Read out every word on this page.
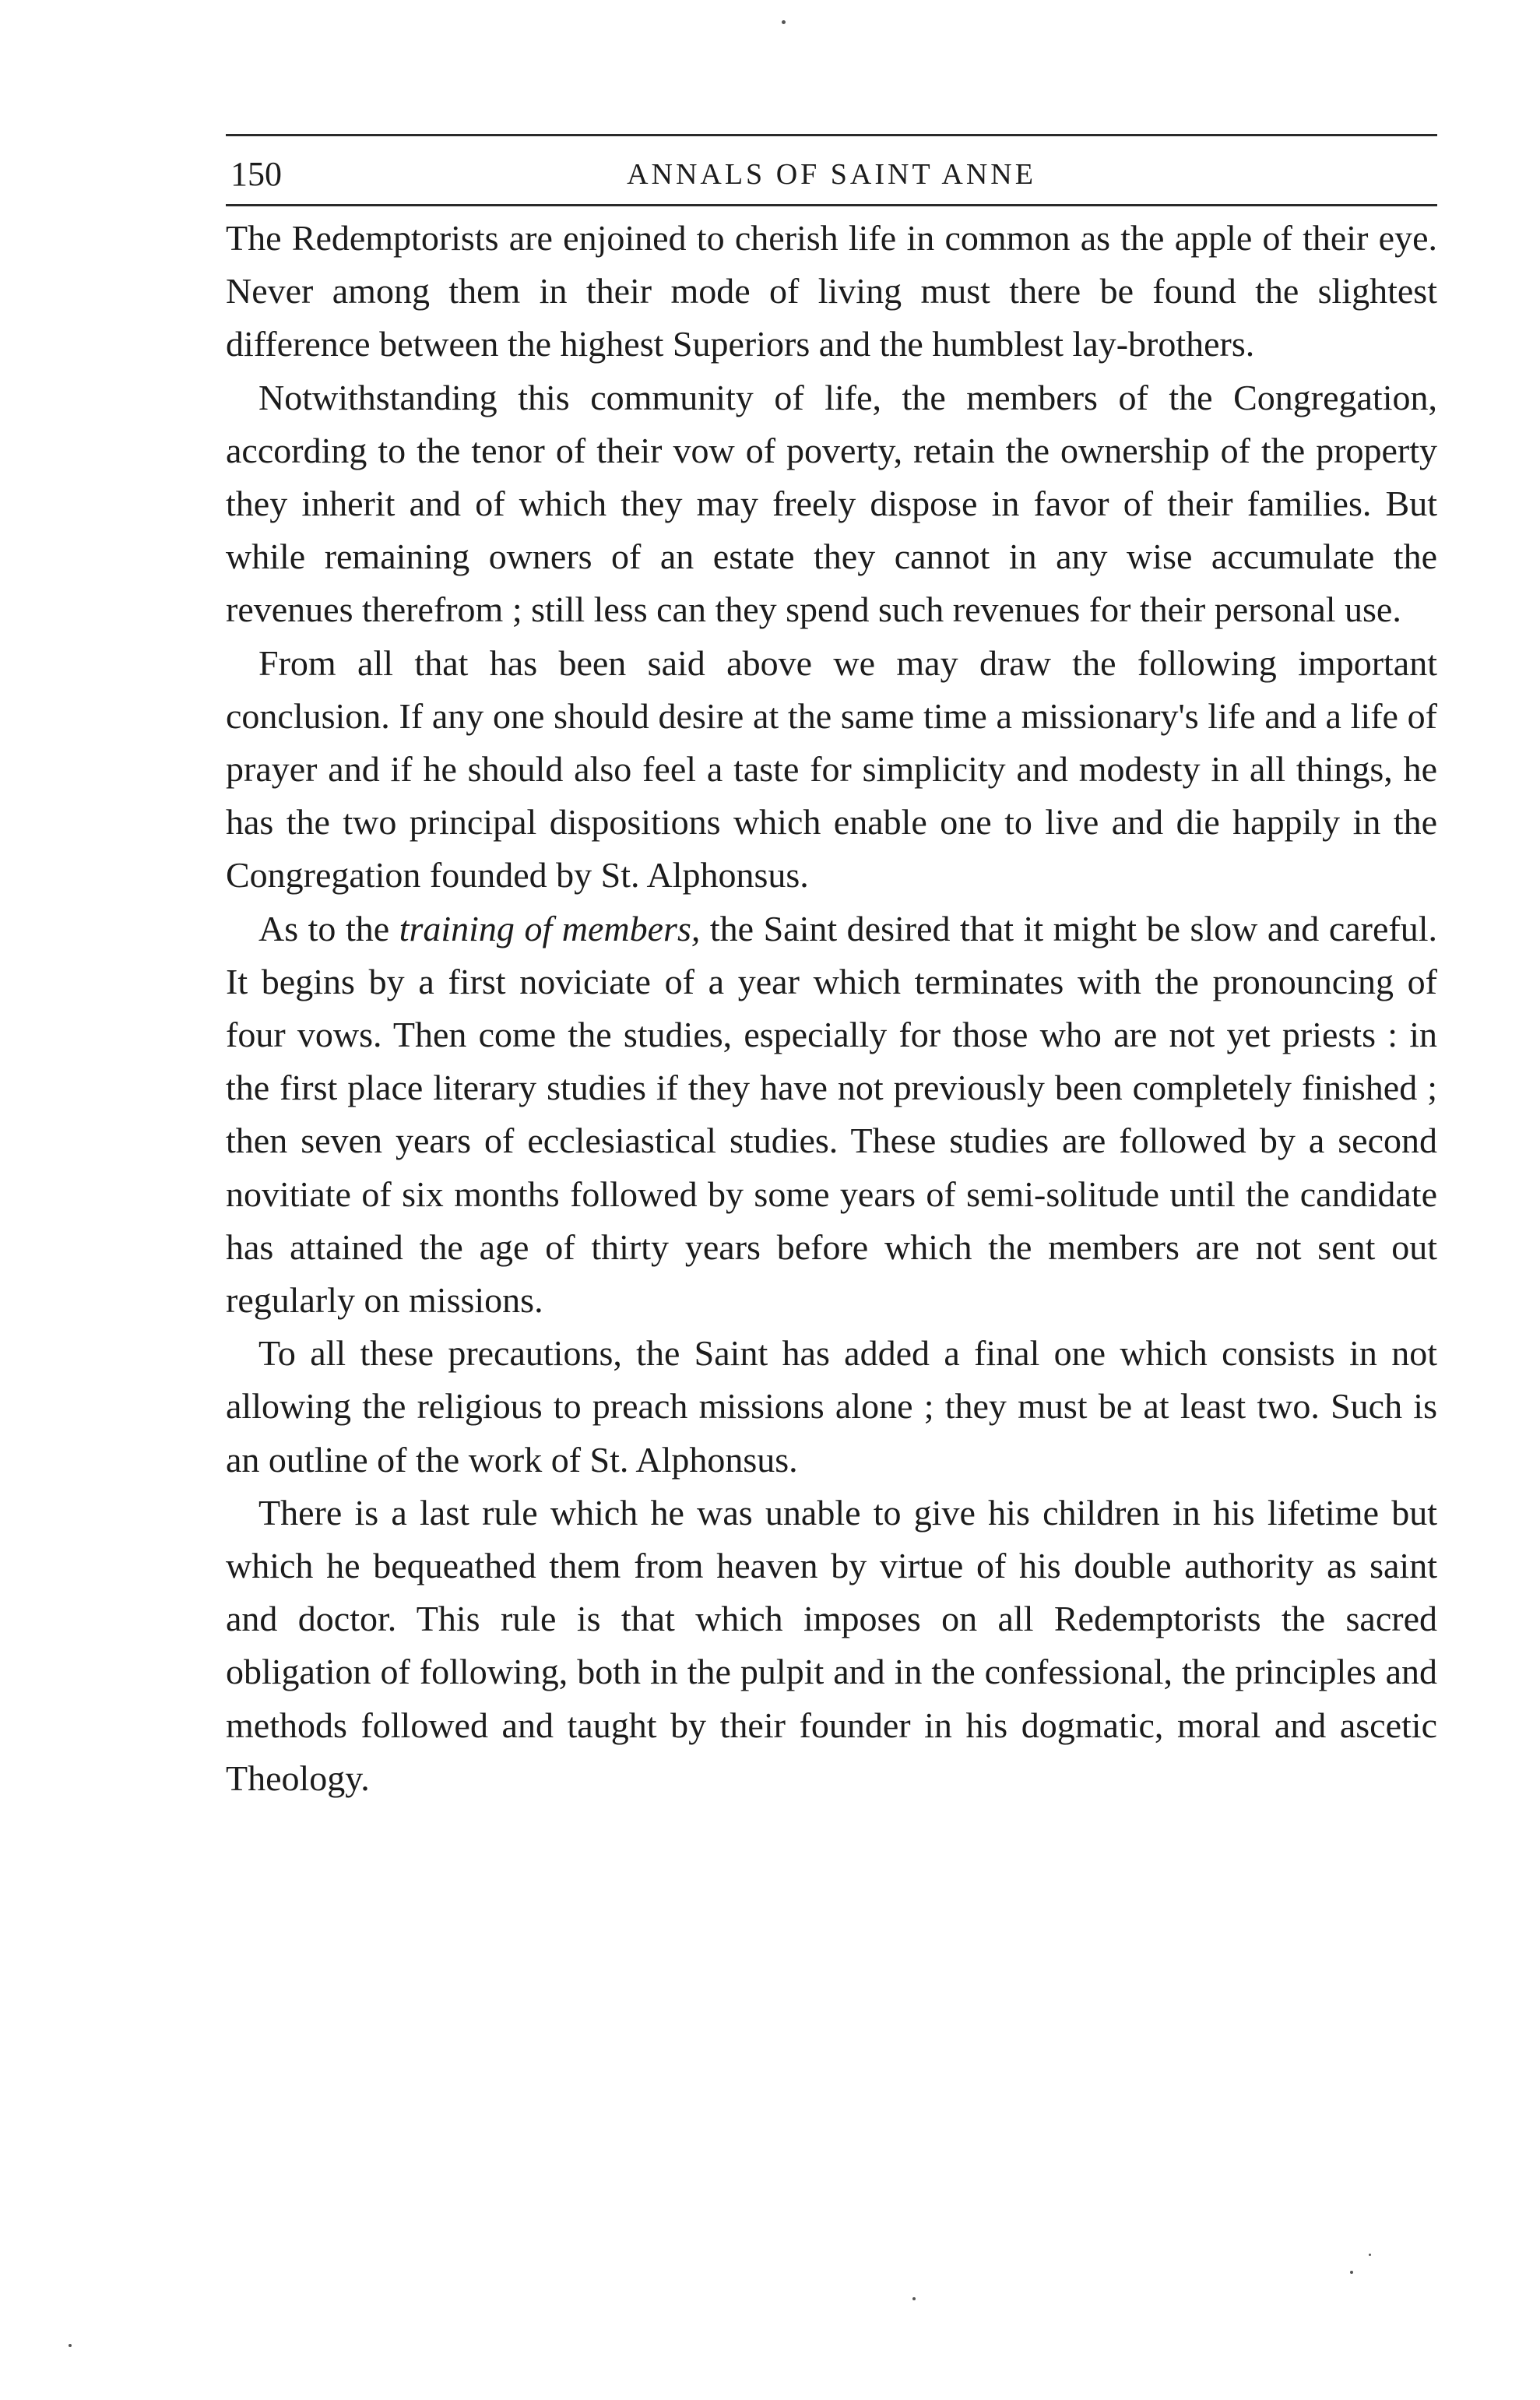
150	ANNALS OF SAINT ANNE

The Redemptorists are enjoined to cherish life in common as the apple of their eye. Never among them in their mode of living must there be found the slightest difference between the highest Superiors and the humblest lay-brothers.

Notwithstanding this community of life, the members of the Congregation, according to the tenor of their vow of poverty, retain the ownership of the property they inherit and of which they may freely dispose in favor of their families. But while remaining owners of an estate they cannot in any wise accumulate the revenues therefrom ; still less can they spend such revenues for their personal use.

From all that has been said above we may draw the following important conclusion. If any one should desire at the same time a missionary's life and a life of prayer and if he should also feel a taste for simplicity and modesty in all things, he has the two principal dispositions which enable one to live and die happily in the Congregation founded by St. Alphonsus.

As to the training of members, the Saint desired that it might be slow and careful. It begins by a first noviciate of a year which terminates with the pronouncing of four vows. Then come the studies, especially for those who are not yet priests : in the first place literary studies if they have not previously been completely finished ; then seven years of ecclesiastical studies. These studies are followed by a second novitiate of six months followed by some years of semi-solitude until the candidate has attained the age of thirty years before which the members are not sent out regularly on missions.

To all these precautions, the Saint has added a final one which consists in not allowing the religious to preach missions alone ; they must be at least two. Such is an outline of the work of St. Alphonsus.

There is a last rule which he was unable to give his children in his lifetime but which he bequeathed them from heaven by virtue of his double authority as saint and doctor. This rule is that which imposes on all Redemptorists the sacred obligation of following, both in the pulpit and in the confessional, the principles and methods followed and taught by their founder in his dogmatic, moral and ascetic Theology.
